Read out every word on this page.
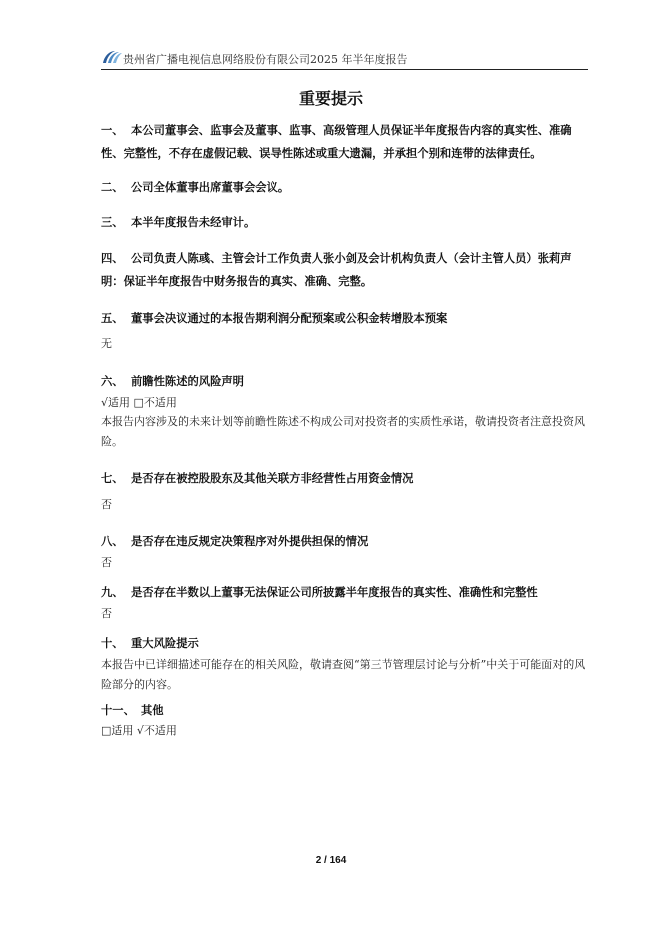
贵州省广播电视信息网络股份有限公司2025 年半年度报告
重要提示
一、 本公司董事会、监事会及董事、监事、高级管理人员保证半年度报告内容的真实性、准确性、完整性，不存在虚假记载、误导性陈述或重大遗漏，并承担个别和连带的法律责任。
二、 公司全体董事出席董事会会议。
三、 本半年度报告未经审计。
四、 公司负责人陈彧、主管会计工作负责人张小剑及会计机构负责人（会计主管人员）张莉声明：保证半年度报告中财务报告的真实、准确、完整。
五、 董事会决议通过的本报告期利润分配预案或公积金转增股本预案
无
六、 前瞻性陈述的风险声明
√适用 □不适用
本报告内容涉及的未来计划等前瞻性陈述不构成公司对投资者的实质性承诺，敬请投资者注意投资风险。
七、 是否存在被控股股东及其他关联方非经营性占用资金情况
否
八、 是否存在违反规定决策程序对外提供担保的情况
否
九、 是否存在半数以上董事无法保证公司所披露半年度报告的真实性、准确性和完整性
否
十、 重大风险提示
本报告中已详细描述可能存在的相关风险，敬请查阅“第三节管理层讨论与分析”中关于可能面对的风险部分的内容。
十一、 其他
□适用 √不适用
2 / 164
